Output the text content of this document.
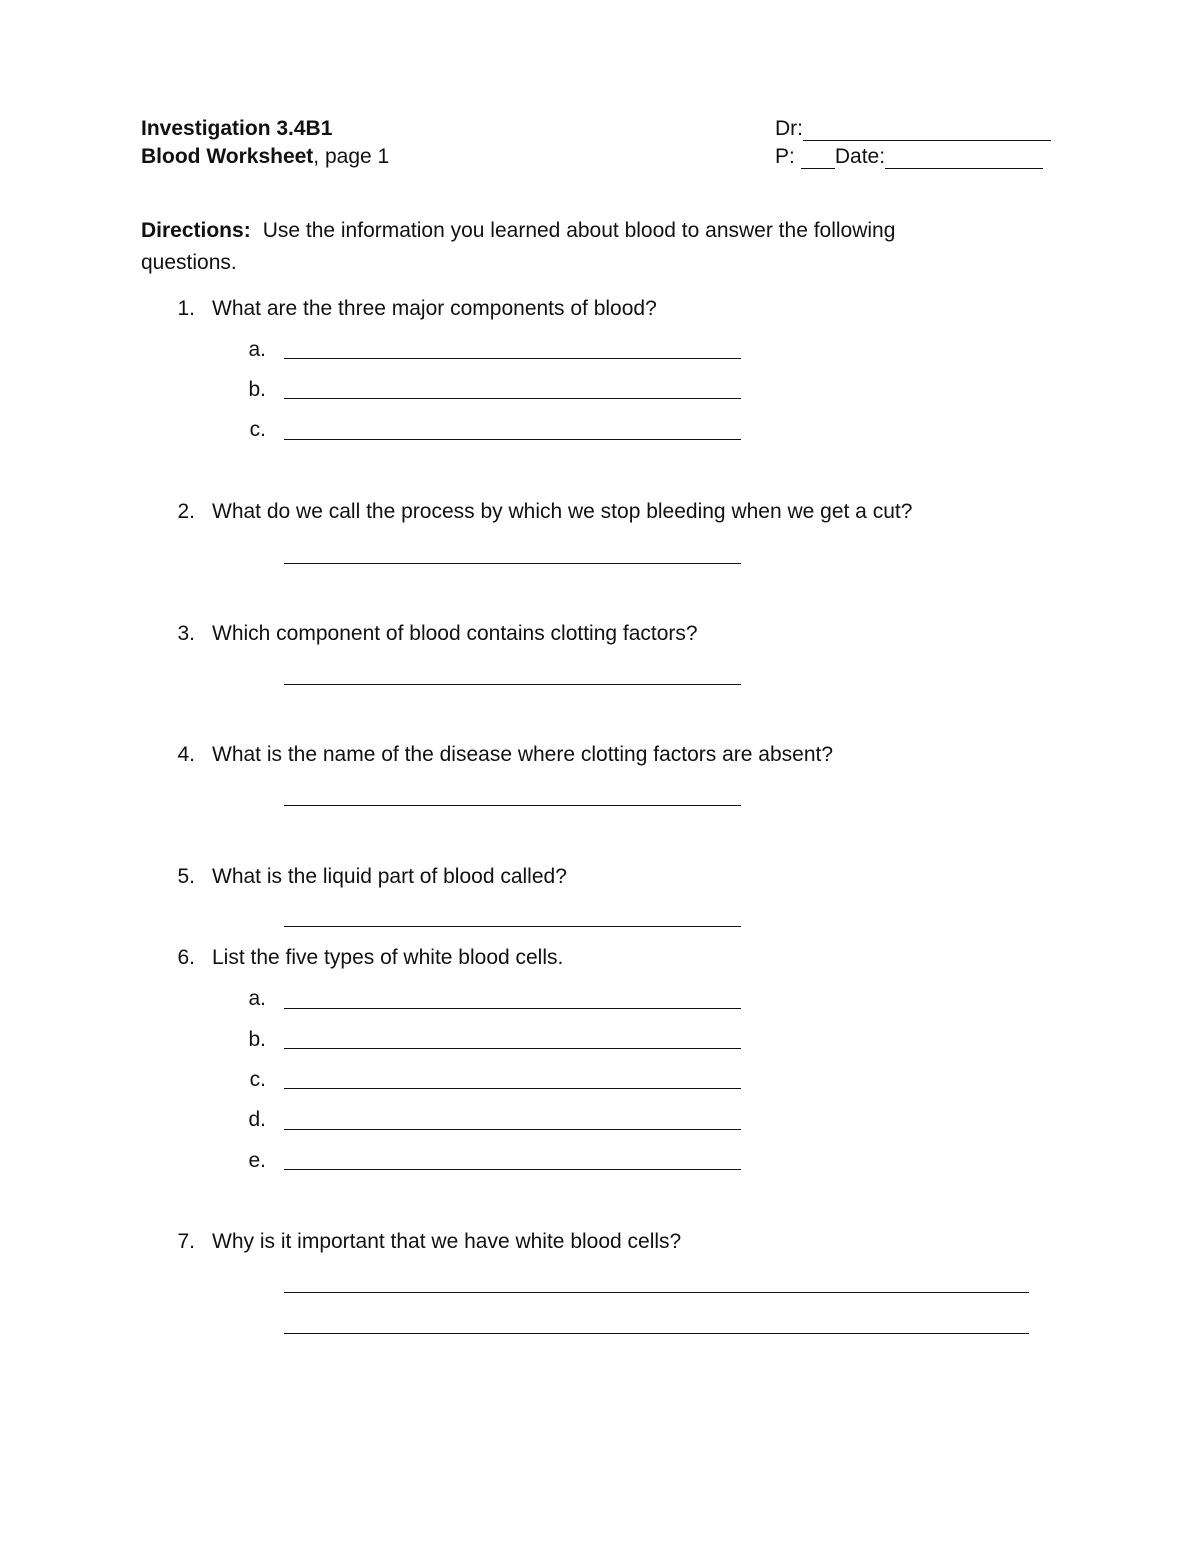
Investigation 3.4B1
Blood Worksheet, page 1
Dr:
P: Date:
Directions: Use the information you learned about blood to answer the following
questions.
1. What are the three major components of blood?
a.
b.
c.
2. What do we call the process by which we stop bleeding when we get a cut?
3. Which component of blood contains clotting factors?
4. What is the name of the disease where clotting factors are absent?
5. What is the liquid part of blood called?
6. List the five types of white blood cells.
a.
b.
c.
d.
e.
7. Why is it important that we have white blood cells?
